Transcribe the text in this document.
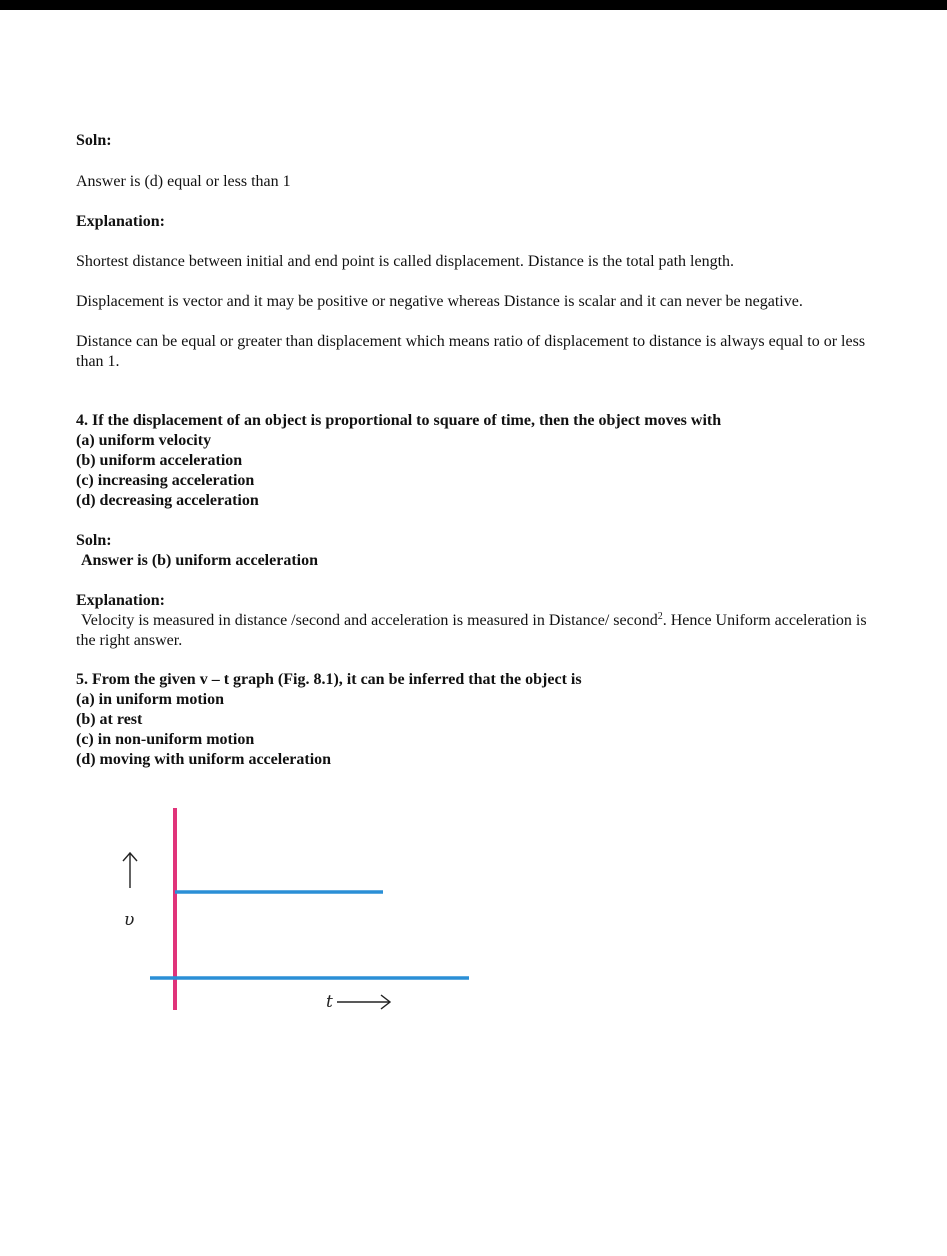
Soln:
Answer is (d) equal or less than 1
Explanation:
Shortest distance between initial and end point is called displacement. Distance is the total path length.
Displacement is vector and it may be positive or negative whereas Distance is scalar and it can never be negative.
Distance can be equal or greater than displacement which means ratio of displacement to distance is always equal to or less than 1.
4. If the displacement of an object is proportional to square of time, then the object moves with
(a) uniform velocity
(b) uniform acceleration
(c) increasing acceleration
(d) decreasing acceleration
Soln:
Answer is (b) uniform acceleration
Explanation:
Velocity is measured in distance /second and acceleration is measured in Distance/ second$^2$. Hence Uniform acceleration is the right answer.
5. From the given v – t graph (Fig. 8.1), it can be inferred that the object is
(a) in uniform motion
(b) at rest
(c) in non-uniform motion
(d) moving with uniform acceleration
υ
t
